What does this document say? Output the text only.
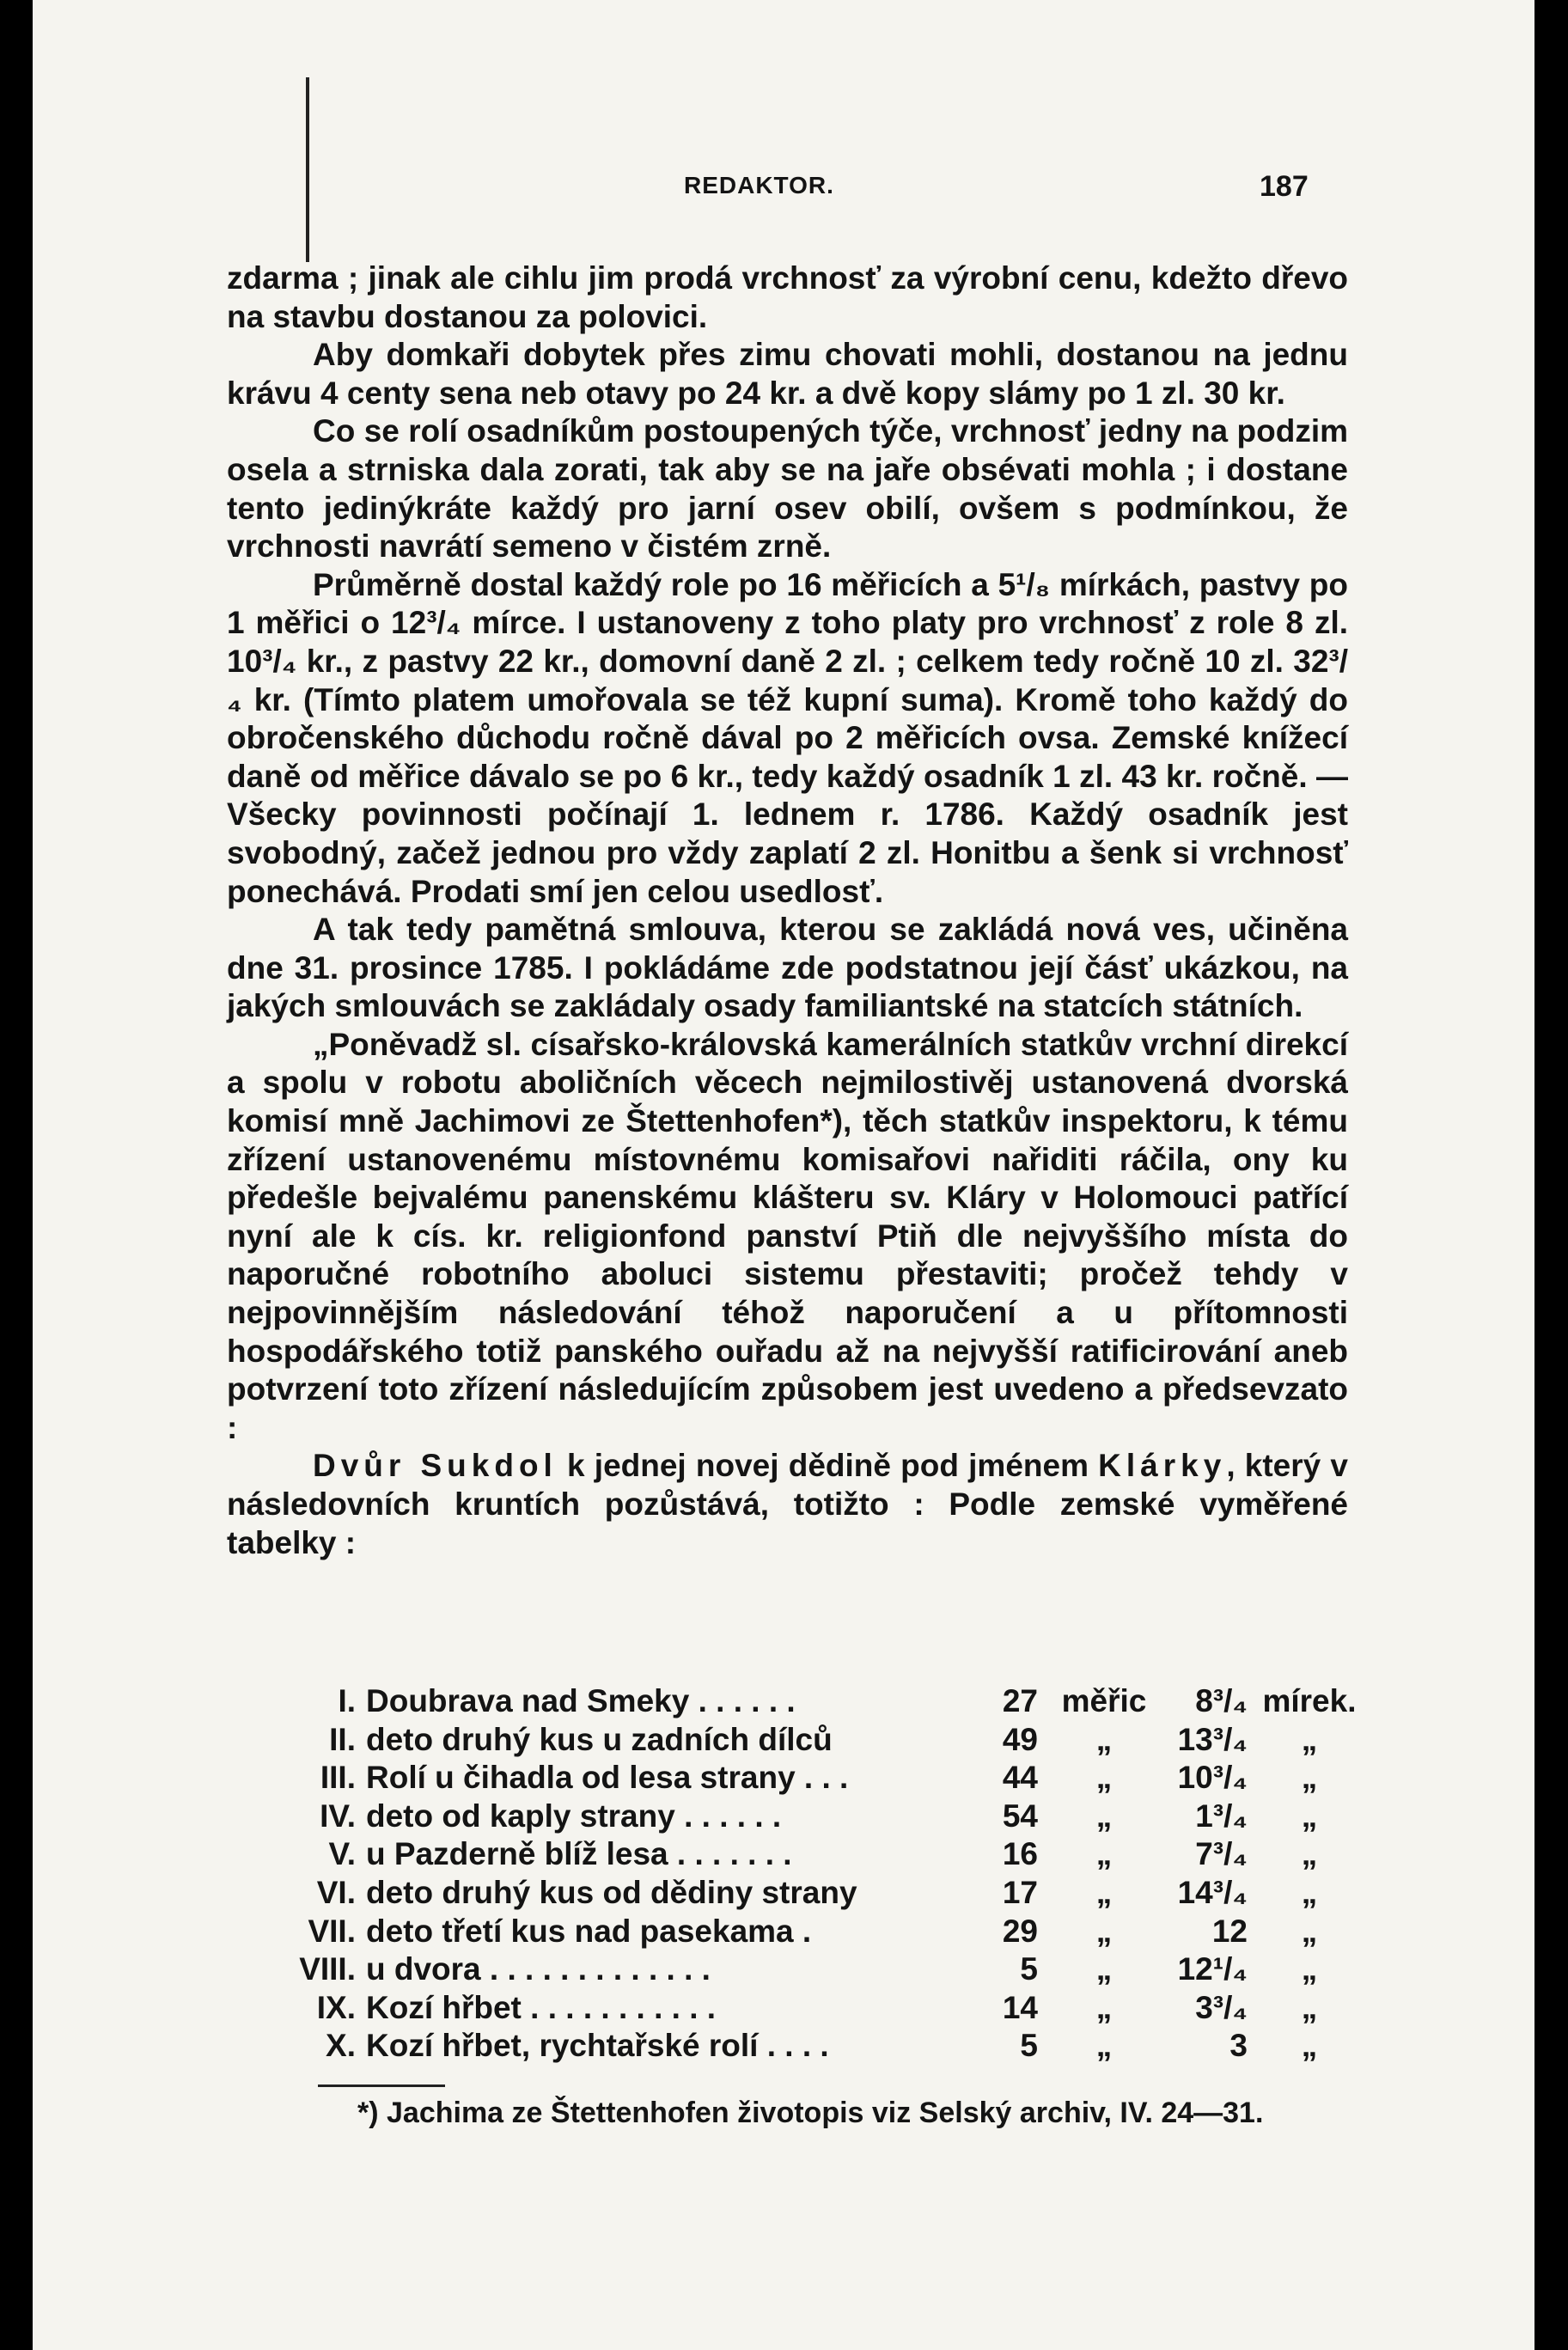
REDAKTOR.	187

zdarma ; jinak ale cihlu jim prodá vrchnosť za výrobní cenu, kdežto dřevo na stavbu dostanou za polovici.

Aby domkaři dobytek přes zimu chovati mohli, dostanou na jednu krávu 4 centy sena neb otavy po 24 kr. a dvě kopy slámy po 1 zl. 30 kr.

Co se rolí osadníkům postoupených týče, vrchnosť jedny na podzim osela a strniska dala zorati, tak aby se na jaře obsévati mohla ; i dostane tento jedinýkráte každý pro jarní osev obilí, ovšem s podmínkou, že vrchnosti navrátí semeno v čistém zrně.

Průměrně dostal každý role po 16 měřicích a 5¹/₈ mírkách, pastvy po 1 měřici o 12³/₄ mírce. I ustanoveny z toho platy pro vrchnosť z role 8 zl. 10³/₄ kr., z pastvy 22 kr., domovní daně 2 zl. ; celkem tedy ročně 10 zl. 32³/₄ kr. (Tímto platem umořovala se též kupní suma). Kromě toho každý do obročenského důchodu ročně dával po 2 měřicích ovsa. Zemské knížecí daně od měřice dávalo se po 6 kr., tedy každý osadník 1 zl. 43 kr. ročně. — Všecky povinnosti počínají 1. lednem r. 1786. Každý osadník jest svobodný, začež jednou pro vždy zaplatí 2 zl. Honitbu a šenk si vrchnosť ponechává. Prodati smí jen celou usedlosť.

A tak tedy pamětná smlouva, kterou se zakládá nová ves, učiněna dne 31. prosince 1785. I pokládáme zde podstatnou její čásť ukázkou, na jakých smlouvách se zakládaly osady familiantské na statcích státních.

„Poněvadž sl. císařsko-královská kamerálních statkův vrchní direkcí a spolu v robotu aboličních věcech nejmilostivěj ustanovená dvorská komisí mně Jachimovi ze Štettenhofen*), těch statkův inspektoru, k tému zřízení ustanovenému místovnému komisařovi nařiditi ráčila, ony ku předešle bejvalému panenskému klášteru sv. Kláry v Holomouci patřící nyní ale k cís. kr. religionfond panství Ptiň dle nejvyššího místa do naporučné robotního aboluci sistemu přestaviti; pročež tehdy v nejpovinnějším následování téhož naporučení a u přítomnosti hospodářského totiž panského ouřadu až na nejvyšší ratificirování aneb potvrzení toto zřízení následujícím způsobem jest uvedeno a předsevzato :

Dvůr Sukdol k jednej novej dědině pod jménem Klárky, který v následovních kruntích pozůstává, totižto : Podle zemské vyměřené tabelky :

I.	Doubrava nad Smeky . . . . . .	27	měřic	8³/₄	mírek.
II.	deto druhý kus u zadních dílců	49	„	13³/₄	„
III.	Rolí u čihadla od lesa strany . . .	44	„	10³/₄	„
IV.	deto od kaply strany . . . . . .	54	„	1³/₄	„
V.	u Pazderně blíž lesa . . . . . . .	16	„	7³/₄	„
VI.	deto druhý kus od dědiny strany	17	„	14³/₄	„
VII.	deto třetí kus nad pasekama .	29	„	12	„
VIII.	u dvora . . . . . . . . . . . . .	5	„	12¹/₄	„
IX.	Kozí hřbet . . . . . . . . . . .	14	„	3³/₄	„
X.	Kozí hřbet, rychtařské rolí . . . .	5	„	3	„
*) Jachima ze Štettenhofen životopis viz Selský archiv, IV. 24—31.
